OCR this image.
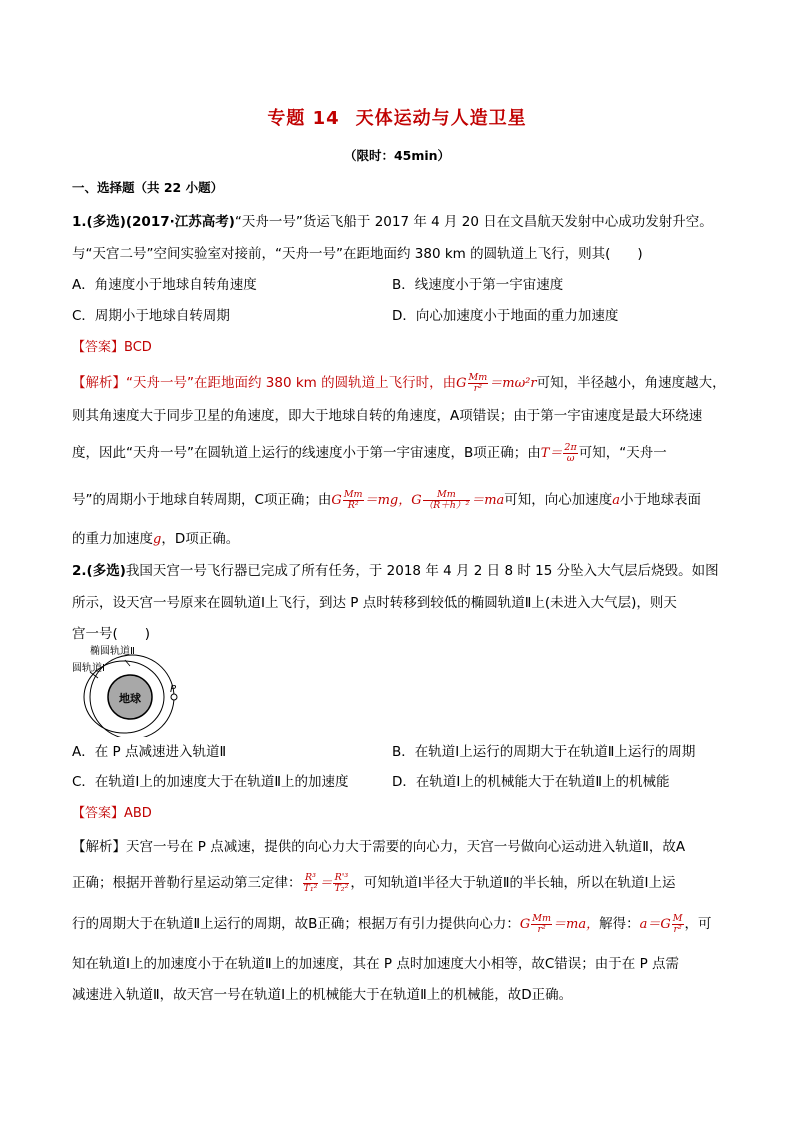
专题 14 天体运动与人造卫星
（限时：45min）
一、选择题（共 22 小题）
1.(多选)(2017·江苏高考)“天舟一号”货运飞船于 2017 年 4 月 20 日在文昌航天发射中心成功发射升空。
与“天宫二号”空间实验室对接前，“天舟一号”在距地面约 380 km 的圆轨道上飞行，则其(　　)
A．角速度小于地球自转角速度	B．线速度小于第一宇宙速度
C．周期小于地球自转周期	D．向心加速度小于地面的重力加速度
【答案】BCD
【解析】“天舟一号”在距地面约 380 km 的圆轨道上飞行时，由G $\frac{Mm}{\text{r²}} =m\omega^2r$可知，半径越小，角速度越大，
则其角速度大于同步卫星的角速度，即大于地球自转的角速度，A项错误；由于第一宇宙速度是最大环绕速
度，因此“天舟一号”在圆轨道上运行的线速度小于第一宇宙速度，B项正确；由$T= \frac{2\pi}{\omega}$ 可知，“天舟一
号”的周期小于地球自转周期，C项正确；由G $\frac{Mm}{\text{R²}} =mg$，G $\frac{Mm}{\text{（R＋h）²}} =ma$可知，向心加速度a小于地球表面
的重力加速度g，D项正确。
2.(多选)我国天宫一号飞行器已完成了所有任务，于 2018 年 4 月 2 日 8 时 15 分坠入大气层后烧毁。如图
所示，设天宫一号原来在圆轨道Ⅰ上飞行，到达 P 点时转移到较低的椭圆轨道Ⅱ上(未进入大气层)，则天
宫一号(　　)
椭圆轨道Ⅱ
圆轨道Ⅰ
地球
P
A．在 P 点减速进入轨道Ⅱ	B．在轨道Ⅰ上运行的周期大于在轨道Ⅱ上运行的周期
C．在轨道Ⅰ上的加速度大于在轨道Ⅱ上的加速度	D．在轨道Ⅰ上的机械能大于在轨道Ⅱ上的机械能
【答案】ABD
【解析】天宫一号在 P 点减速，提供的向心力大于需要的向心力，天宫一号做向心运动进入轨道Ⅱ，故A
正确；根据开普勒行星运动第三定律： $\frac{\text{R³}}{\text{T₁²}} = \frac{\text{R'³}}{\text{T₂²}}$ ，可知轨道Ⅰ半径大于轨道Ⅱ的半长轴，所以在轨道Ⅰ上运
行的周期大于在轨道Ⅱ上运行的周期，故B正确；根据万有引力提供向心力：G $\frac{Mm}{\text{r²}} =ma$，解得：$a=G \frac{M}{\text{r²}}$ ，可
知在轨道Ⅰ上的加速度小于在轨道Ⅱ上的加速度，其在 P 点时加速度大小相等，故C错误；由于在 P 点需
减速进入轨道Ⅱ，故天宫一号在轨道Ⅰ上的机械能大于在轨道Ⅱ上的机械能，故D正确。
